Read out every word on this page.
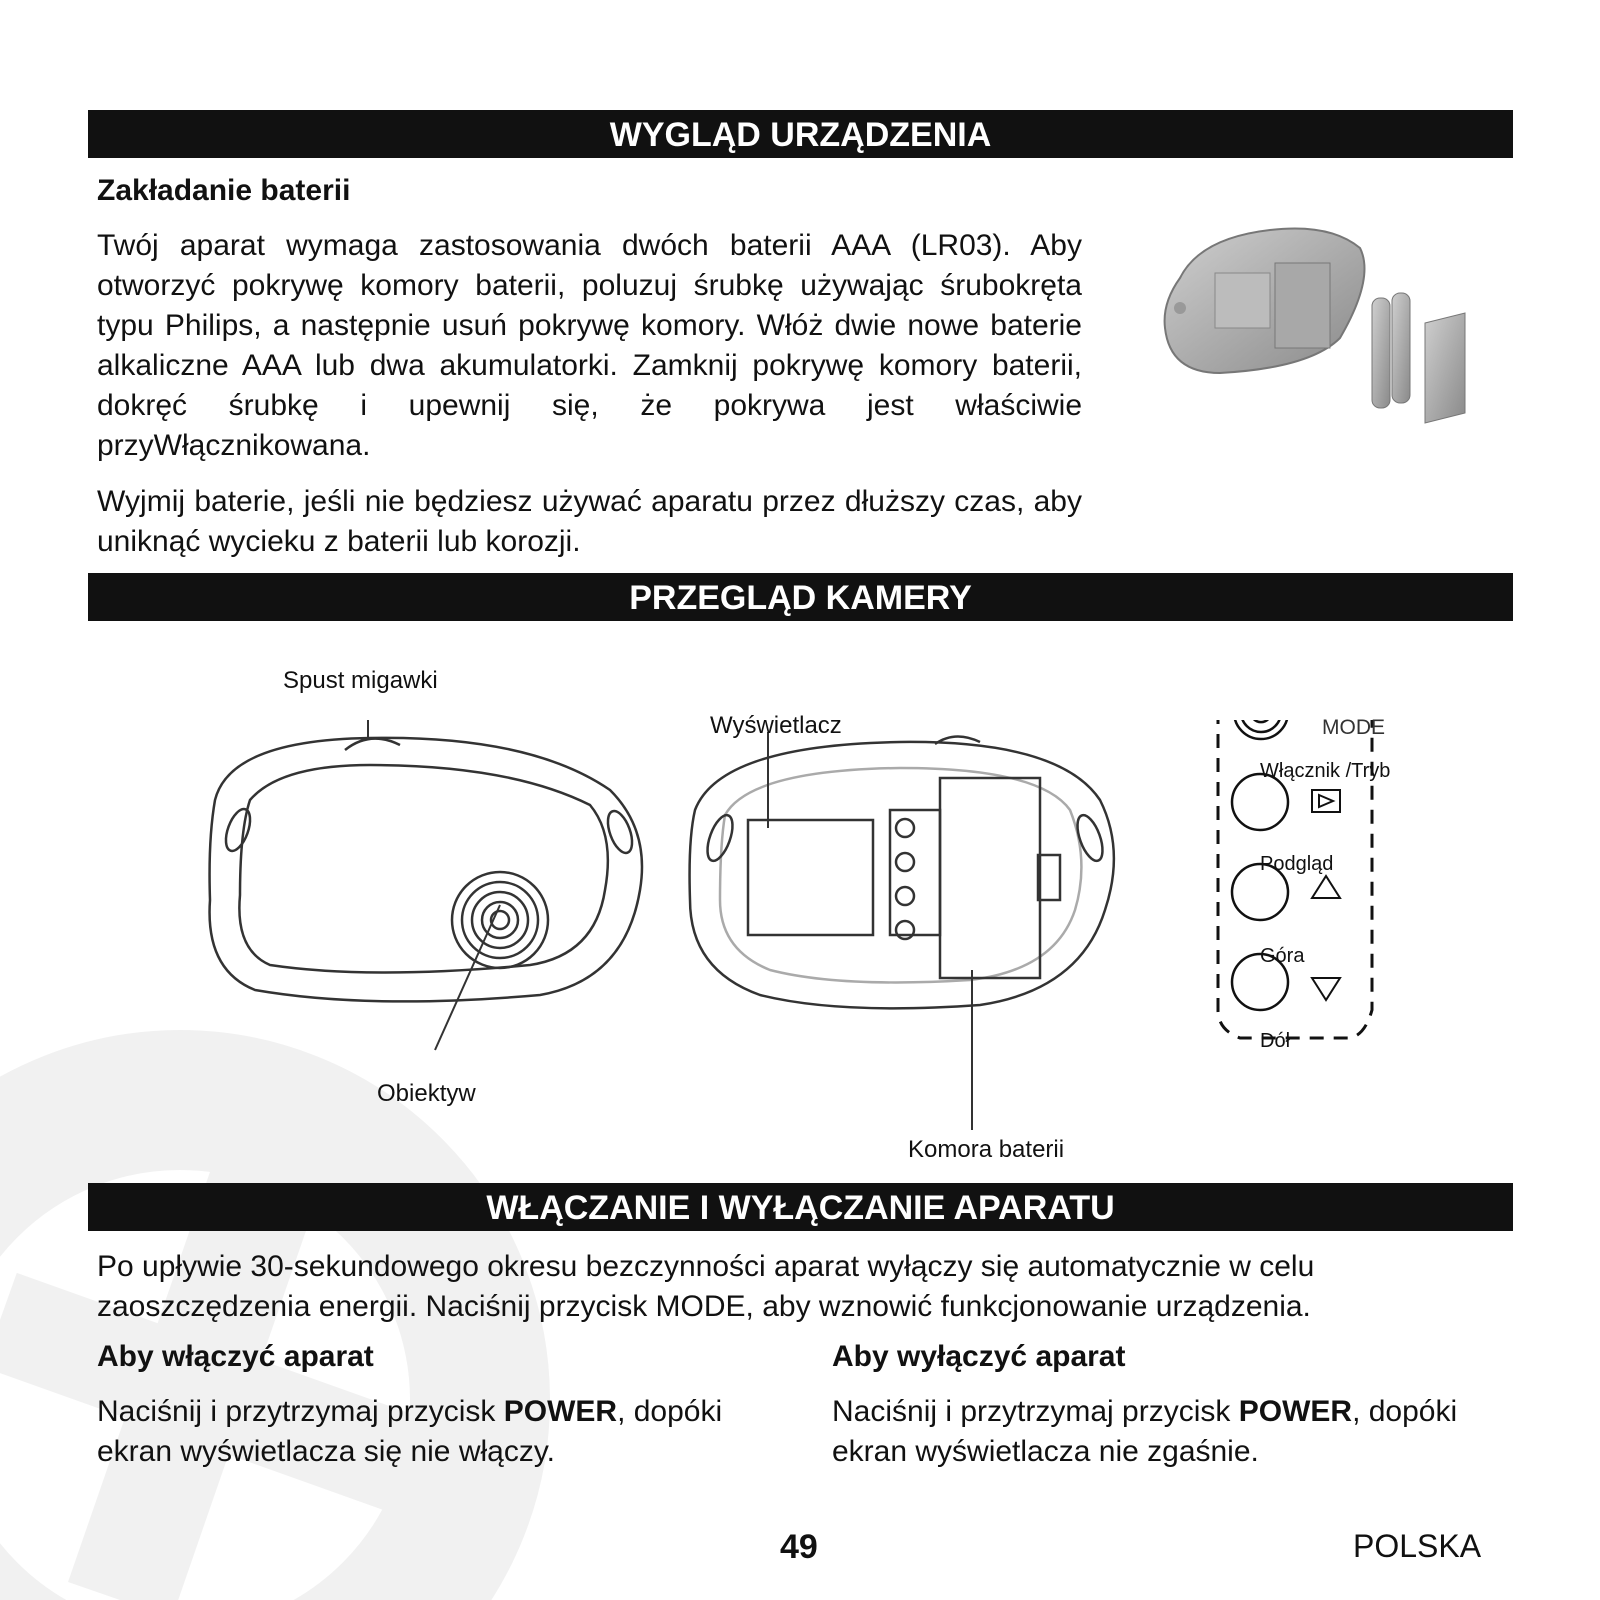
WYGLĄD URZĄDZENIA
Zakładanie baterii

Twój aparat wymaga zastosowania dwóch baterii AAA (LR03). Aby otworzyć pokrywę komory baterii, poluzuj śrubkę używając śrubokręta typu Philips, a następnie usuń pokrywę komory. Włóż dwie nowe baterie alkaliczne AAA lub dwa akumulatorki. Zamknij pokrywę komory baterii, dokręć śrubkę i upewnij się, że pokrywa jest właściwie przyWłącznikowana.

Wyjmij baterie, jeśli nie będziesz używać aparatu przez dłuższy czas, aby uniknąć wycieku z baterii lub korozji.

PRZEGLĄD KAMERY
Spust migawki
Obiektyw
Wyświetlacz
Komora baterii
MODE
Włącznik /Tryb
Podgląd
Góra
Dół
WŁĄCZANIE I WYŁĄCZANIE APARATU

Po upływie 30-sekundowego okresu bezczynności aparat wyłączy się automatycznie w celu

zaoszczędzenia energii. Naciśnij przycisk MODE, aby wznowić funkcjonowanie urządzenia.

Aby włączyć aparat

Naciśnij i przytrzymaj przycisk POWER, dopóki

ekran wyświetlacza się nie włączy.

Aby wyłączyć aparat

Naciśnij i przytrzymaj przycisk POWER, dopóki

ekran wyświetlacza nie zgaśnie.

49	POLSKA
